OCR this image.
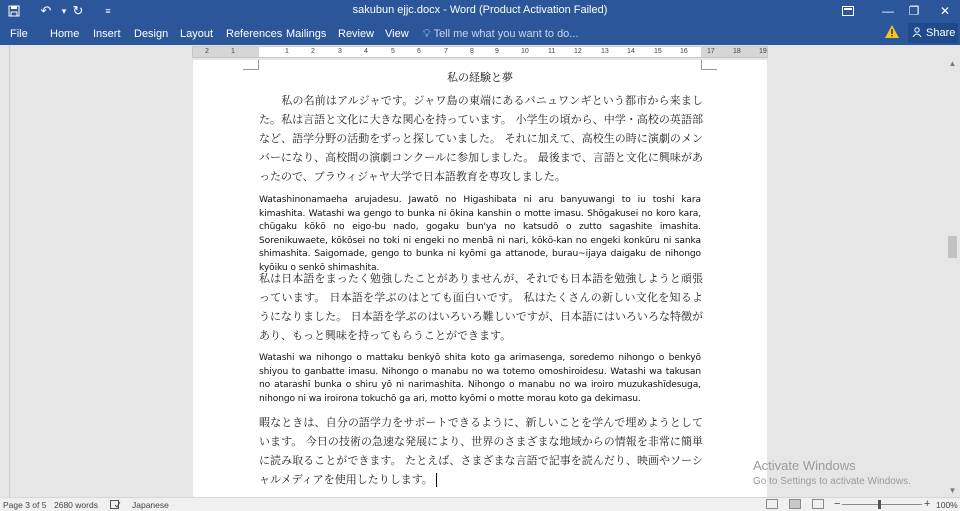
↶	▾ ↻	≡	sakubun ejjc.docx - Word (Product Activation Failed)	—	❐	✕
File Home Insert Design Layout References Mailings Review View 💡︎ Tell me what you want to do...	Share
2	1	1	2	3	4	5	6	7	8	9	10	11	12	13	14	15	16	17	18	19
私の経験と夢
　　私の名前はアルジャです。ジャワ島の東端にあるバニュワンギという都市から来ました。私は言語と文化に大きな関心を持っています。 小学生の頃から、中学・高校の英語部など、語学分野の活動をずっと探していました。 それに加えて、高校生の時に演劇のメンバーになり、高校間の演劇コンクールに参加しました。 最後まで、言語と文化に興味があったので、ブラウィジャヤ大学で日本語教育を専攻しました。
Watashinonamaeha arujadesu. Jawatō no Higashibata ni aru banyuwangi to iu toshi kara kimashita. Watashi wa gengo to bunka ni ōkina kanshin o motte imasu. Shōgakusei no koro kara, chūgaku kōkō no eigo-bu nado, gogaku bun'ya no katsudō o zutto sagashite imashita. Sorenikuwaete, kōkōsei no toki ni engeki no menbā ni nari, kōkō-kan no engeki konkūru ni sanka shimashita. Saigomade, gengo to bunka ni kyōmi ga attanode, burau~ijaya daigaku de nihongo kyōiku o senkō shimashita.
私は日本語をまったく勉強したことがありませんが、それでも日本語を勉強しようと頑張っています。 日本語を学ぶのはとても面白いです。 私はたくさんの新しい文化を知るようになりました。 日本語を学ぶのはいろいろ難しいですが、日本語にはいろいろな特徴があり、もっと興味を持ってもらうことができます。
Watashi wa nihongo o mattaku benkyō shita koto ga arimasenga, soredemo nihongo o benkyō shiyou to ganbatte imasu. Nihongo o manabu no wa totemo omoshiroidesu. Watashi wa takusan no atarashī bunka o shiru yō ni narimashita. Nihongo o manabu no wa iroiro muzukashīdesuga, nihongo ni wa iroirona tokuchō ga ari, motto kyōmi o motte morau koto ga dekimasu.
暇なときは、自分の語学力をサポートできるように、新しいことを学んで埋めようとしています。 今日の技術の急速な発展により、世界のさまざまな地域からの情報を非常に簡単に読み取ることができます。 たとえば、さまざまな言語で記事を読んだり、映画やソーシャルメディアを使用したりします。
Activate Windows
Go to Settings to activate Windows.
▲
▼
Page 3 of 5 2680 words	Japanese	−	+ 100%
